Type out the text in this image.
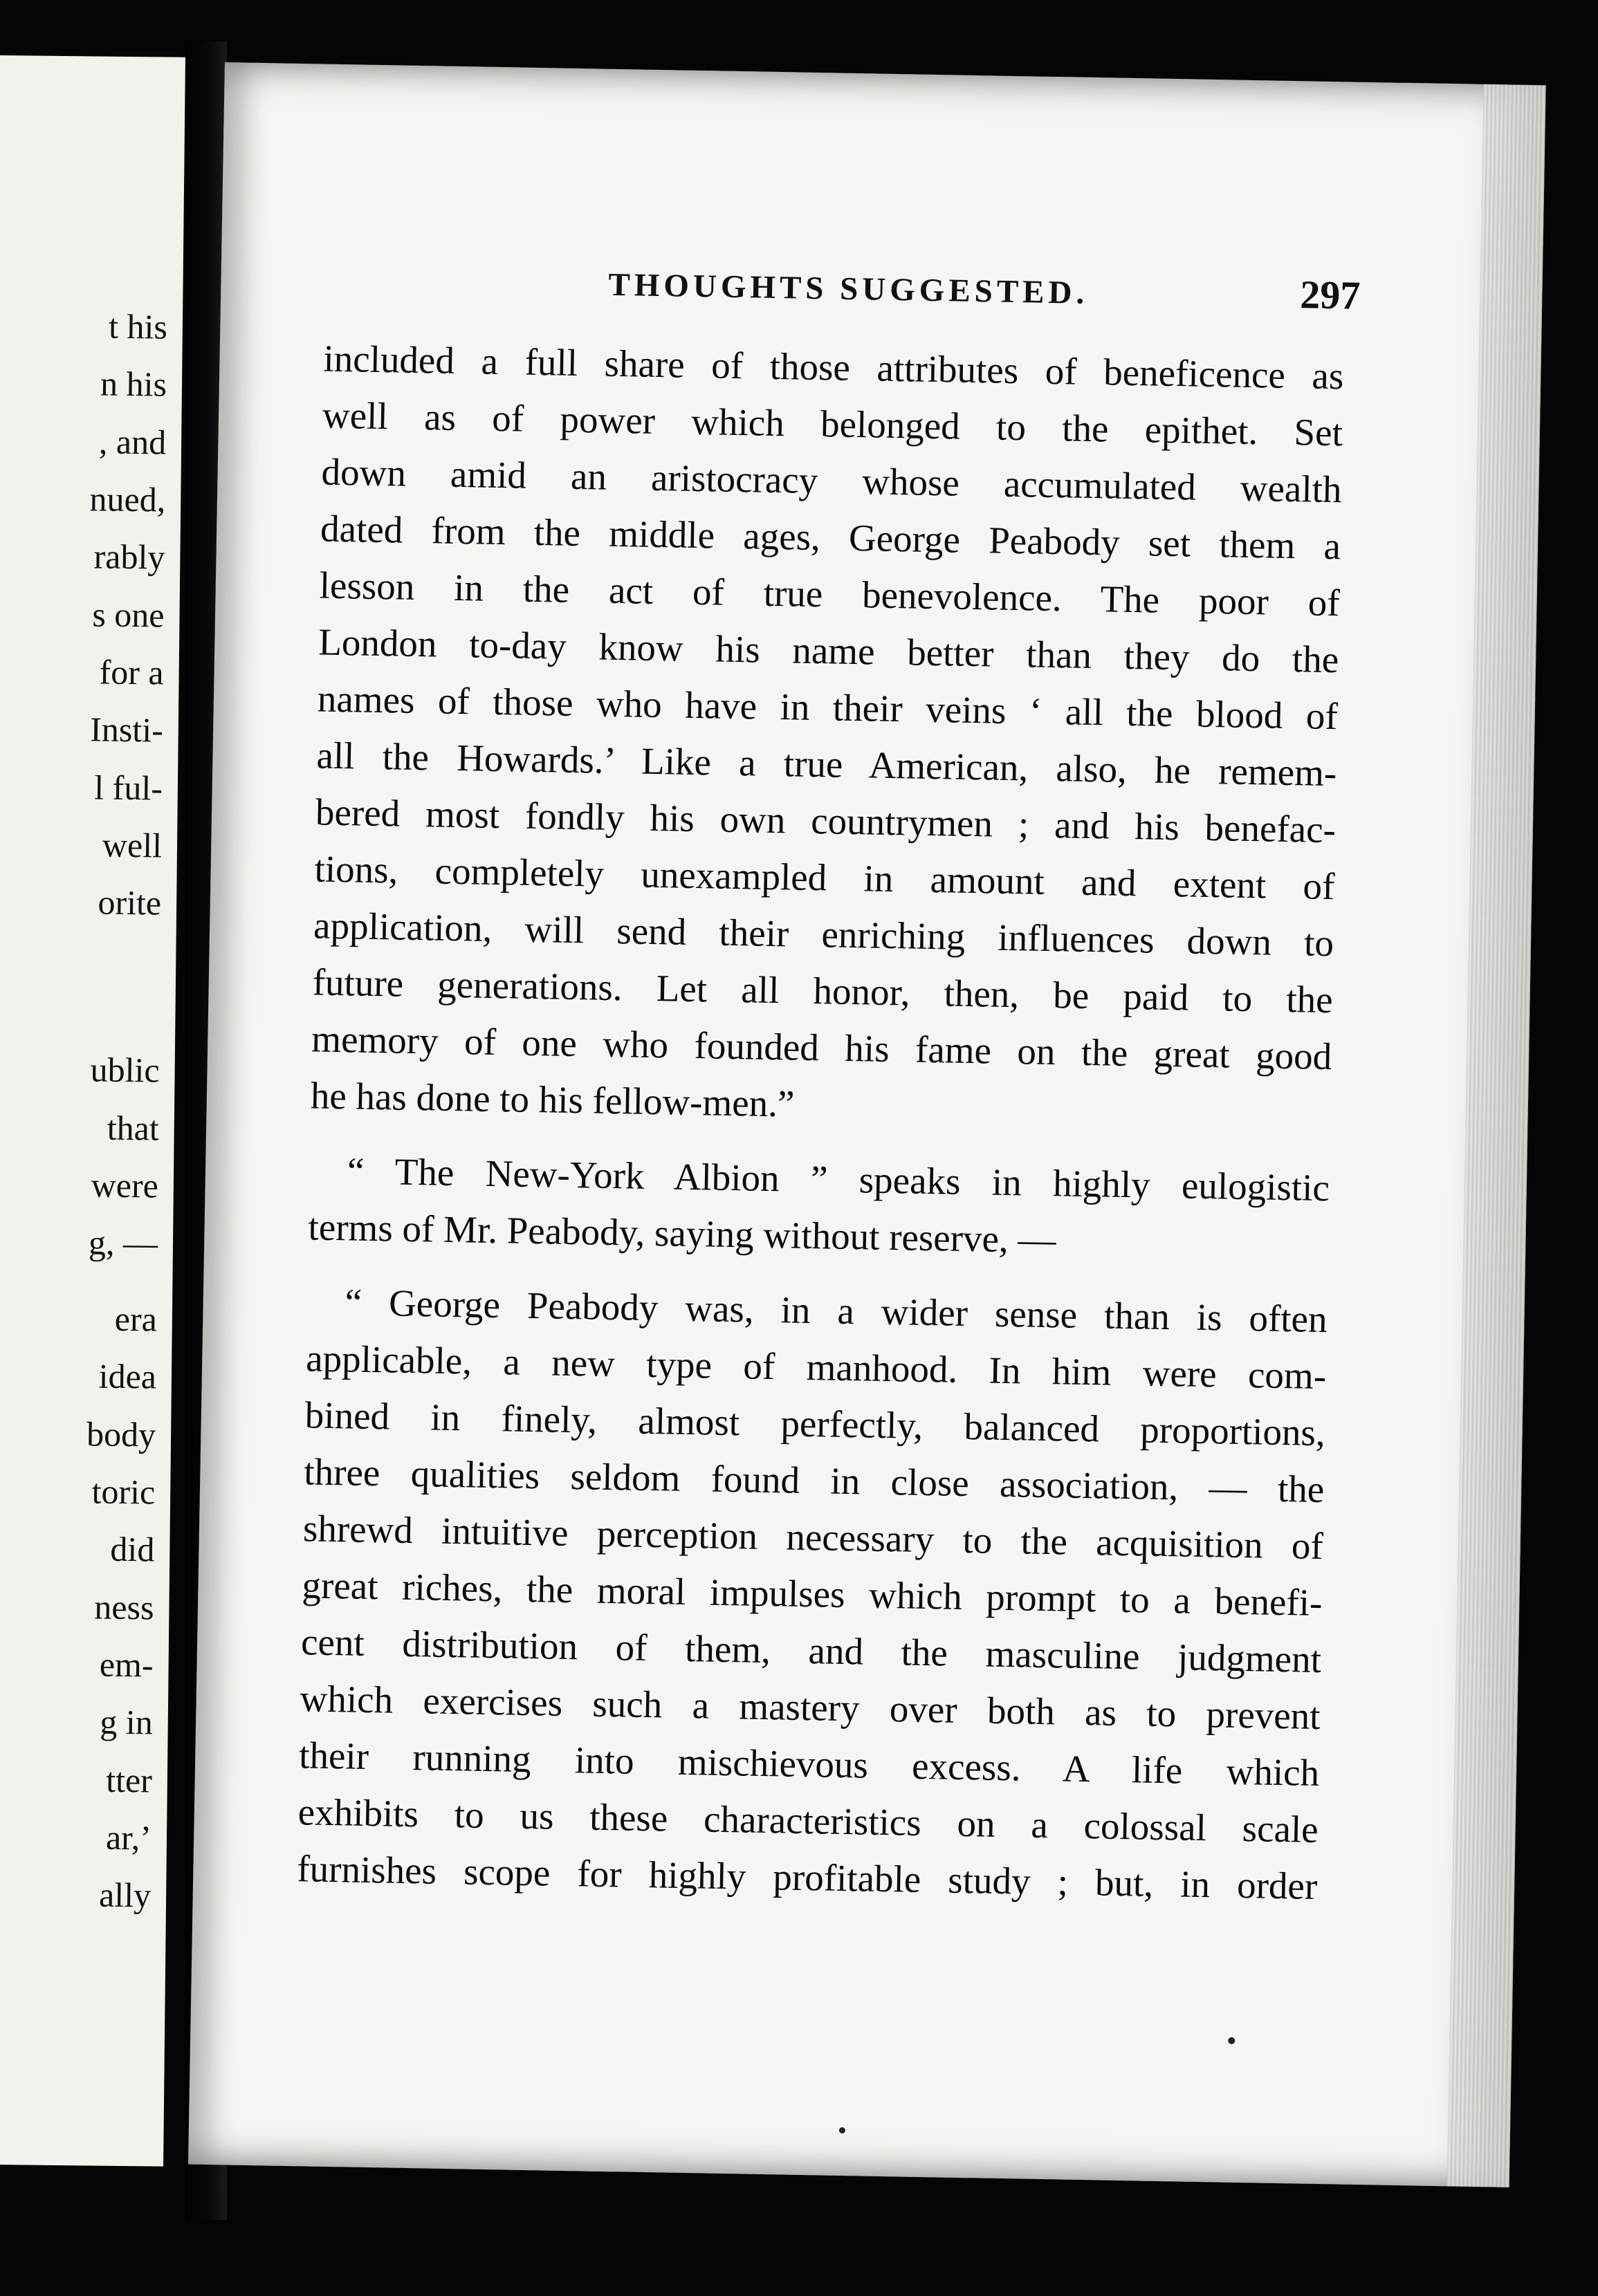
t his
n his
, and
nued,
rably
s one
for a
Insti-
l ful-
well
orite
ublic
that
were
g, —
era
idea
body
toric
did
ness
em-
g in
tter
ar,’
ally
THOUGHTS SUGGESTED.	297
included a full share of those attributes of beneficence as
well as of power which belonged to the epithet. Set
down amid an aristocracy whose accumulated wealth
dated from the middle ages, George Peabody set them a
lesson in the act of true benevolence. The poor of
London to-day know his name better than they do the
names of those who have in their veins ‘ all the blood of
all the Howards.’ Like a true American, also, he remem-
bered most fondly his own countrymen ; and his benefac-
tions, completely unexampled in amount and extent of
application, will send their enriching influences down to
future generations. Let all honor, then, be paid to the
memory of one who founded his fame on the great good
he has done to his fellow-men.”
“ The New-York Albion ” speaks in highly eulogistic
terms of Mr. Peabody, saying without reserve, —
“ George Peabody was, in a wider sense than is often
applicable, a new type of manhood. In him were com-
bined in finely, almost perfectly, balanced proportions,
three qualities seldom found in close association, — the
shrewd intuitive perception necessary to the acquisition of
great riches, the moral impulses which prompt to a benefi-
cent distribution of them, and the masculine judgment
which exercises such a mastery over both as to prevent
their running into mischievous excess. A life which
exhibits to us these characteristics on a colossal scale
furnishes scope for highly profitable study ; but, in order
